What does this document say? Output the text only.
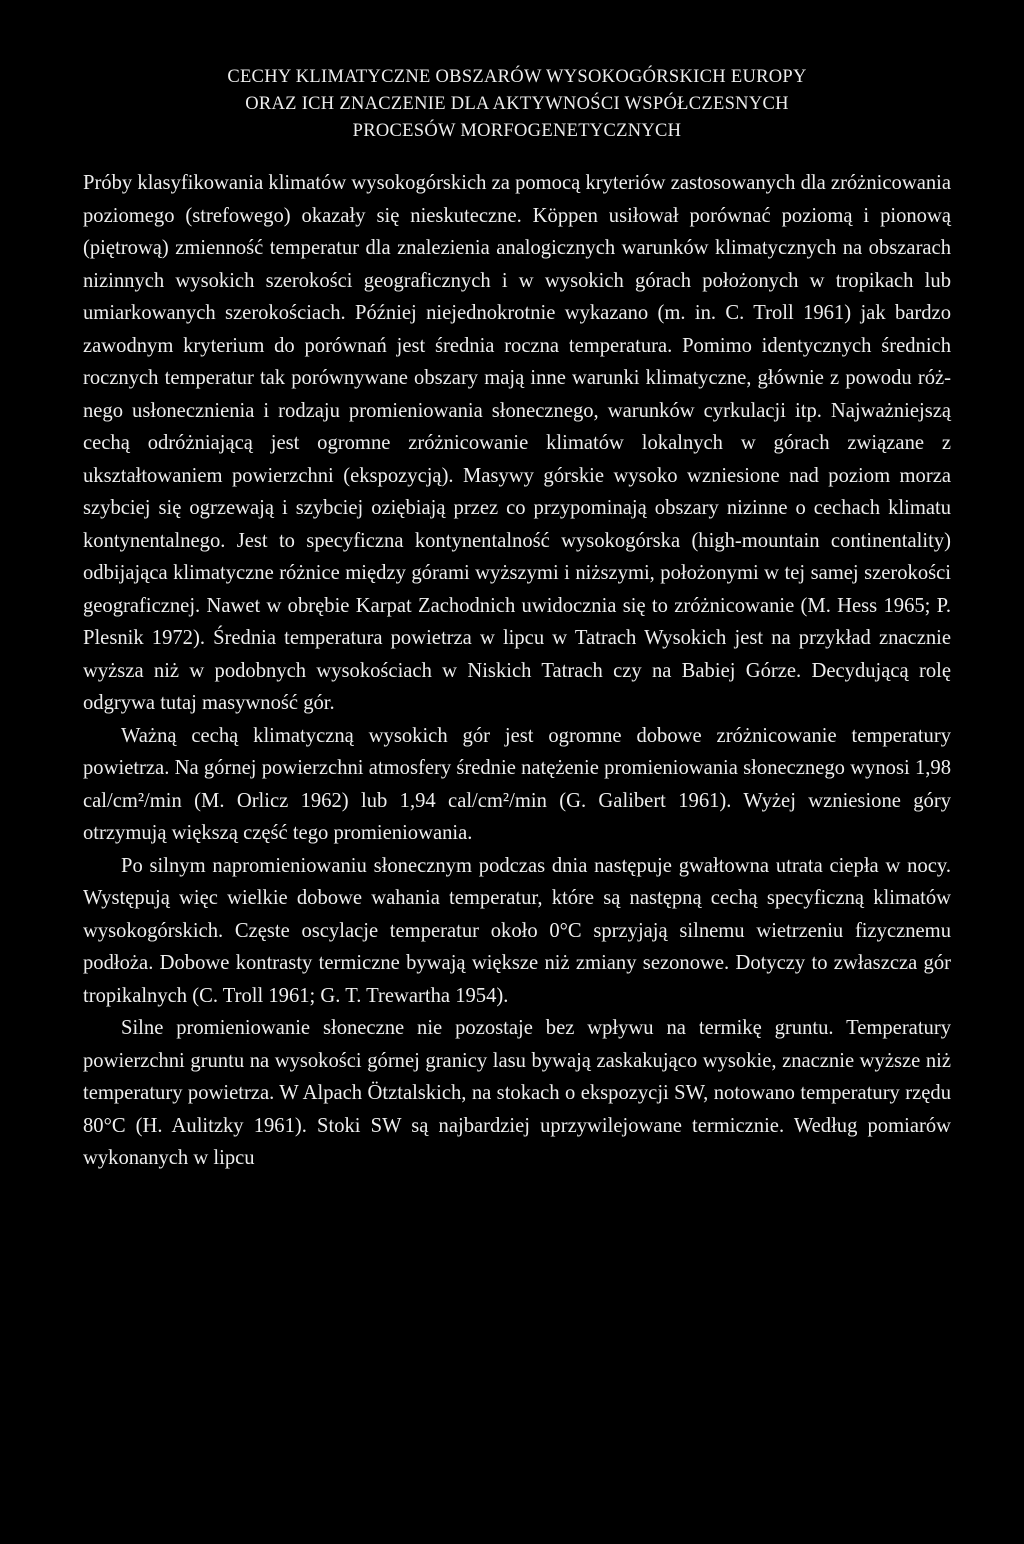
CECHY KLIMATYCZNE OBSZARÓW WYSOKOGÓRSKICH EUROPY
ORAZ ICH ZNACZENIE DLA AKTYWNOŚCI WSPÓŁCZESNYCH
PROCESÓW MORFOGENETYCZNYCH

Próby klasyfikowania klimatów wysokogórskich za pomocą kryteriów zastosowanych dla zróżnicowania poziomego (strefowego) okazały się nieskuteczne. Köppen usiłował porównać poziomą i pionową (piętrową) zmienność temperatur dla znalezienia analogicznych warunków klimatycznych na obszarach nizinnych wysokich szerokości geograficznych i w wysokich górach położonych w tropikach lub umiarkowanych szerokościach. Później niejednokrotnie wykazano (m. in. C. Troll 1961) jak bardzo zawodnym kryterium do porównań jest średnia roczna temperatura. Pomimo identycznych średnich rocznych temperatur tak porównywane obszary mają inne warunki klimatyczne, głównie z powodu różnego usłonecznienia i rodzaju promieniowania słonecznego, warunków cyrkulacji itp. Najważniejszą cechą odróżniającą jest ogromne zróżnicowanie klimatów lokalnych w górach związane z ukształtowaniem powierzchni (ekspozycją). Masywy górskie wysoko wzniesione nad poziom morza szybciej się ogrzewają i szybciej oziębiają przez co przypominają obszary nizinne o cechach klimatu kontynentalnego. Jest to specyficzna kontynentalność wysokogórska (high-mountain continentality) odbijająca klimatyczne różnice między górami wyższymi i niższymi, położonymi w tej samej szerokości geograficznej. Nawet w obrębie Karpat Zachodnich uwidocznia się to zróżnicowanie (M. Hess 1965; P. Plesnik 1972). Średnia temperatura powietrza w lipcu w Tatrach Wysokich jest na przykład znacznie wyższa niż w podobnych wysokościach w Niskich Tatrach czy na Babiej Górze. Decydującą rolę odgrywa tutaj masywność gór.

Ważną cechą klimatyczną wysokich gór jest ogromne dobowe zróżnicowanie temperatury powietrza. Na górnej powierzchni atmosfery średnie natężenie promieniowania słonecznego wynosi 1,98 cal/cm²/min (M. Orlicz 1962) lub 1,94 cal/cm²/min (G. Galibert 1961). Wyżej wzniesione góry otrzymują większą część tego promieniowania.

Po silnym napromieniowaniu słonecznym podczas dnia następuje gwałtowna utrata ciepła w nocy. Występują więc wielkie dobowe wahania temperatur, które są następną cechą specyficzną klimatów wysokogórskich. Częste oscylacje temperatur około 0°C sprzyjają silnemu wietrzeniu fizycznemu podłoża. Dobowe kontrasty termiczne bywają większe niż zmiany sezonowe. Dotyczy to zwłaszcza gór tropikalnych (C. Troll 1961; G. T. Trewartha 1954).

Silne promieniowanie słoneczne nie pozostaje bez wpływu na termikę gruntu. Temperatury powierzchni gruntu na wysokości górnej granicy lasu bywają zaskakująco wysokie, znacznie wyższe niż temperatury powietrza. W Alpach Ötztalskich, na stokach o ekspozycji SW, notowano temperatury rzędu 80°C (H. Aulitzky 1961). Stoki SW są najbardziej uprzywilejowane termicznie. Według pomiarów wykonanych w lipcu
